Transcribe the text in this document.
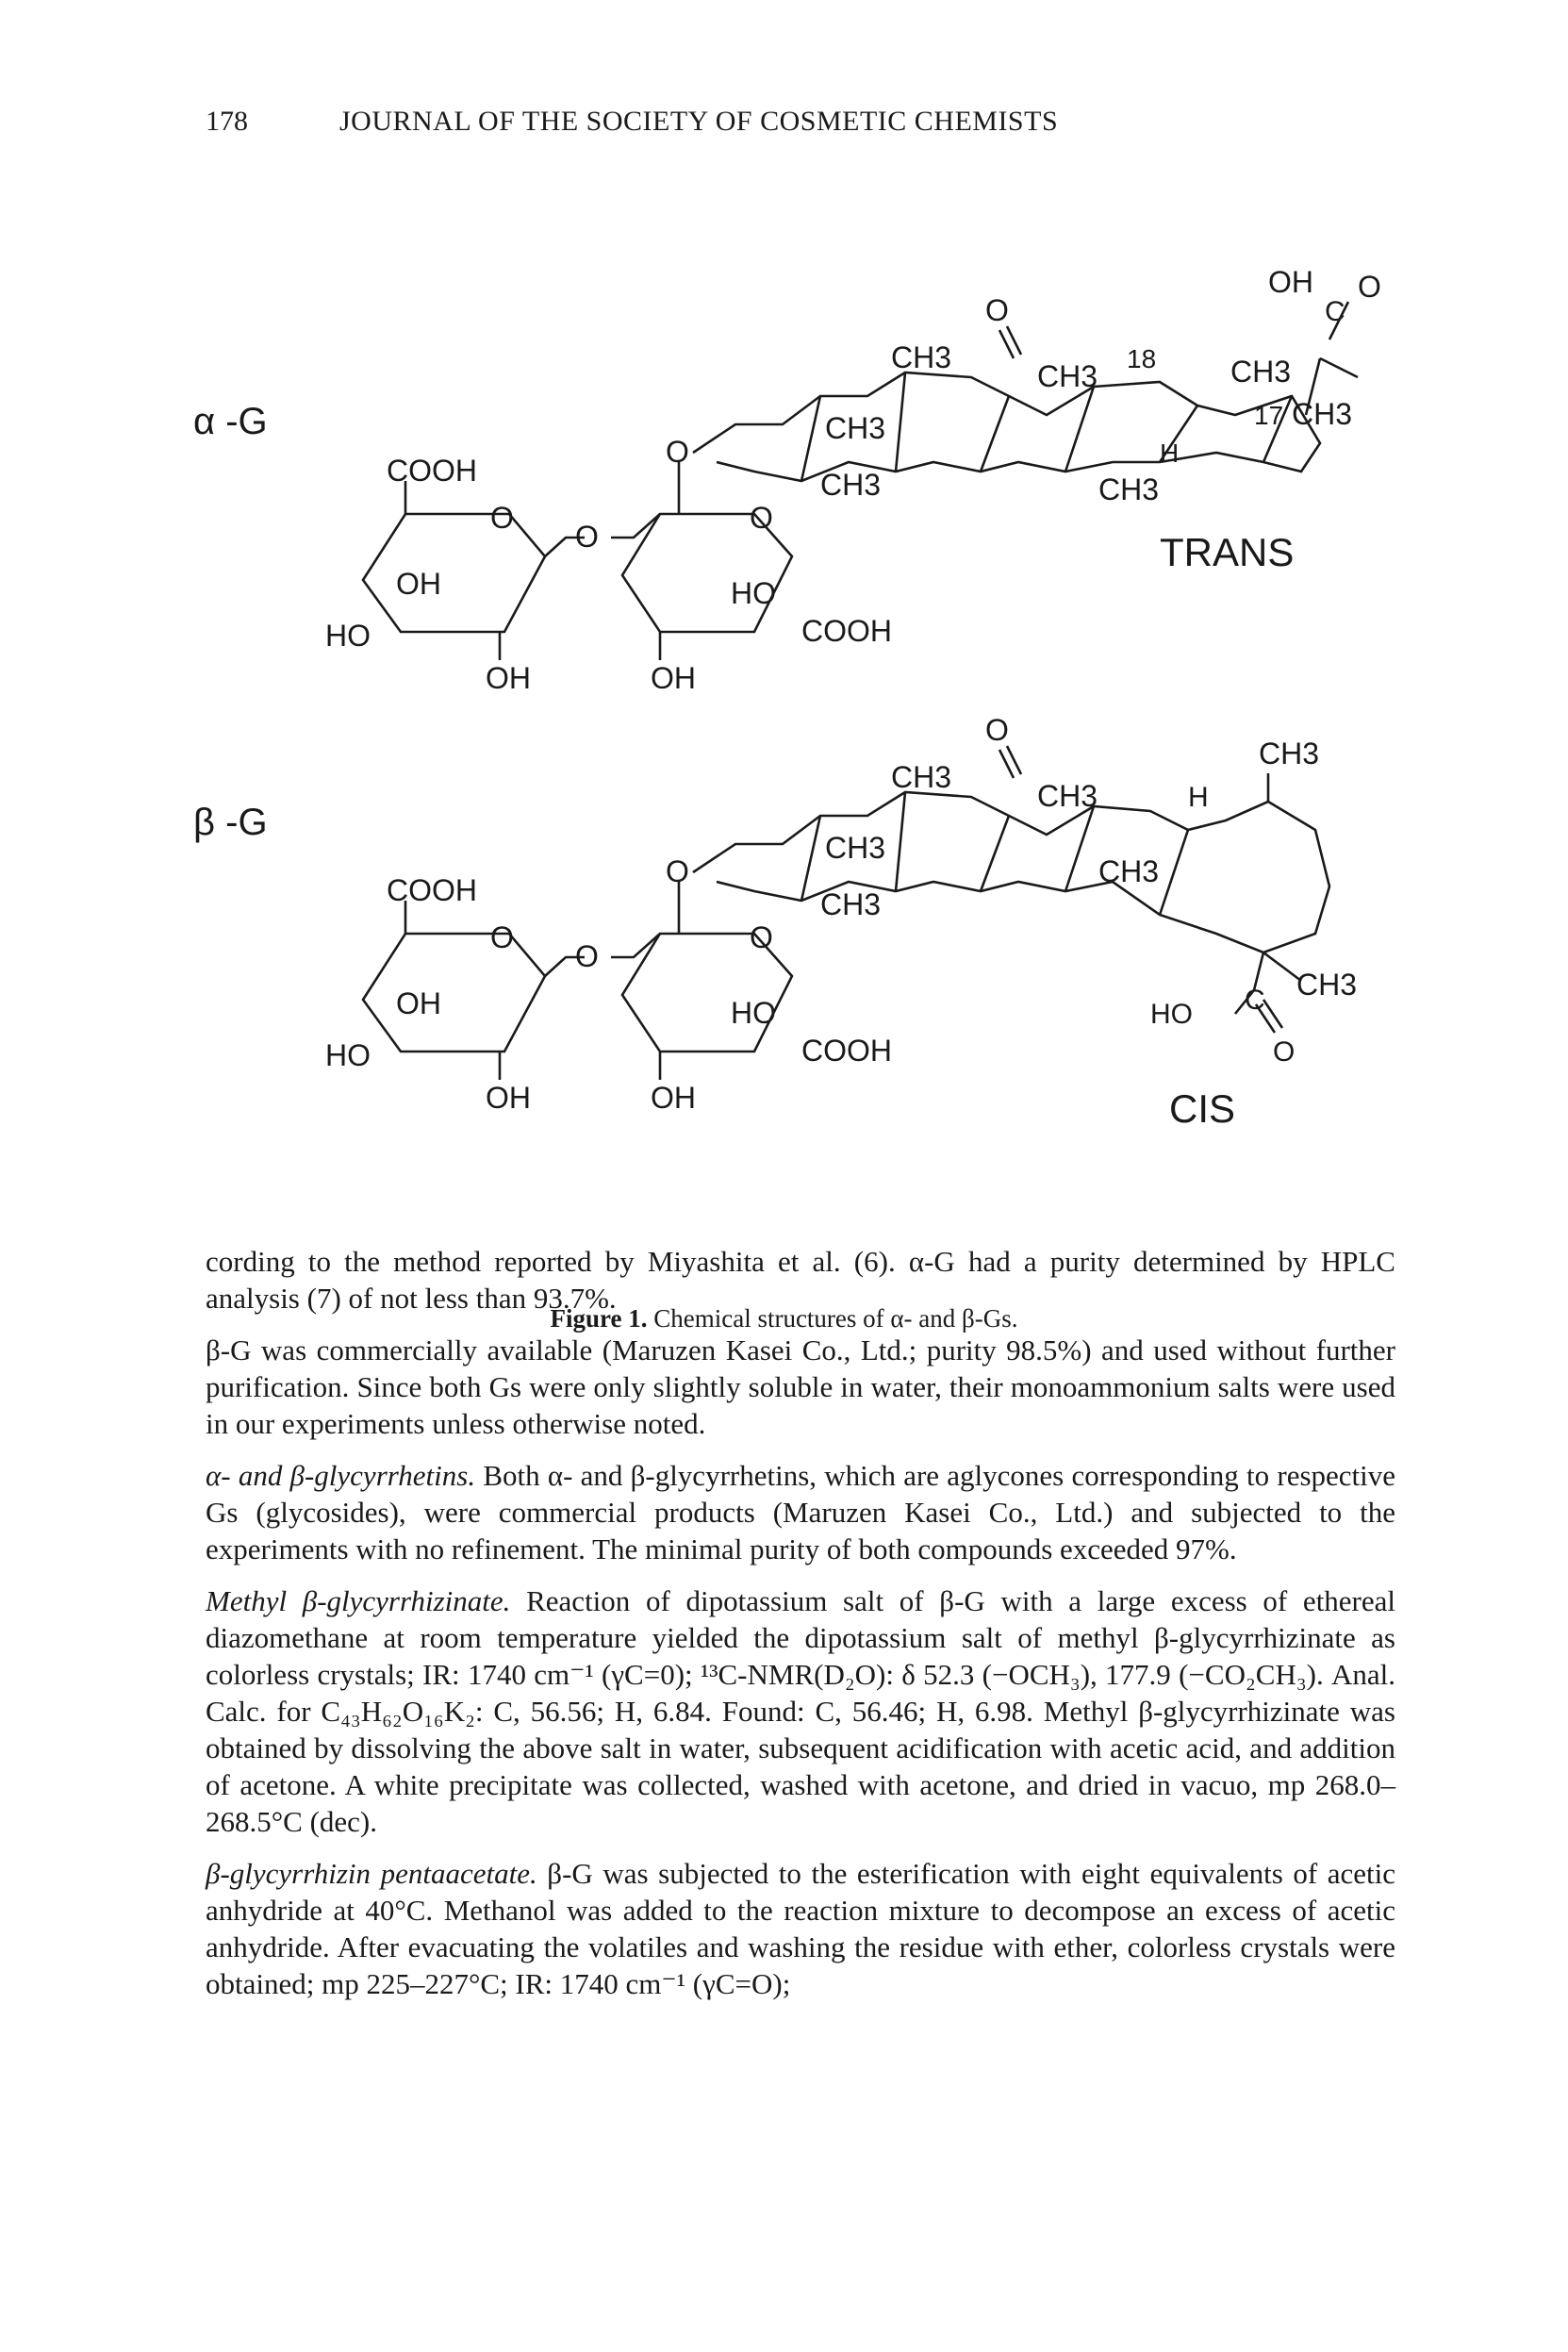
178	JOURNAL OF THE SOCIETY OF COSMETIC CHEMISTS
α -G
COOH
O
OH
HO
OH
O
O
O
HO
COOH
OH
O
CH3
CH3
18 CH3
17 CH3
CH3
CH3	CH3
H
OH
C
O
TRANS
β -G
COOH
O
OH
HO
OH
O
O
O
HO
COOH
OH
O
CH3
CH3	H
CH3
CH3
CH3
CH3
CH3
HO C
O
CIS
Figure 1. Chemical structures of α- and β-Gs.

cording to the method reported by Miyashita et al. (6). α-G had a purity determined by HPLC analysis (7) of not less than 93.7%.

β-G was commercially available (Maruzen Kasei Co., Ltd.; purity 98.5%) and used without further purification. Since both Gs were only slightly soluble in water, their monoammonium salts were used in our experiments unless otherwise noted.

α- and β-glycyrrhetins. Both α- and β-glycyrrhetins, which are aglycones corresponding to respective Gs (glycosides), were commercial products (Maruzen Kasei Co., Ltd.) and subjected to the experiments with no refinement. The minimal purity of both compounds exceeded 97%.

Methyl β-glycyrrhizinate. Reaction of dipotassium salt of β-G with a large excess of ethereal diazomethane at room temperature yielded the dipotassium salt of methyl β-glycyrrhizinate as colorless crystals; IR: 1740 cm⁻¹ (γC=0); ¹³C-NMR(D₂O): δ 52.3 (−OCH₃), 177.9 (−CO₂CH₃). Anal. Calc. for C₄₃H₆₂O₁₆K₂: C, 56.56; H, 6.84. Found: C, 56.46; H, 6.98. Methyl β-glycyrrhizinate was obtained by dissolving the above salt in water, subsequent acidification with acetic acid, and addition of acetone. A white precipitate was collected, washed with acetone, and dried in vacuo, mp 268.0–268.5°C (dec).

β-glycyrrhizin pentaacetate. β-G was subjected to the esterification with eight equivalents of acetic anhydride at 40°C. Methanol was added to the reaction mixture to decompose an excess of acetic anhydride. After evacuating the volatiles and washing the residue with ether, colorless crystals were obtained; mp 225–227°C; IR: 1740 cm⁻¹ (γC=O);
